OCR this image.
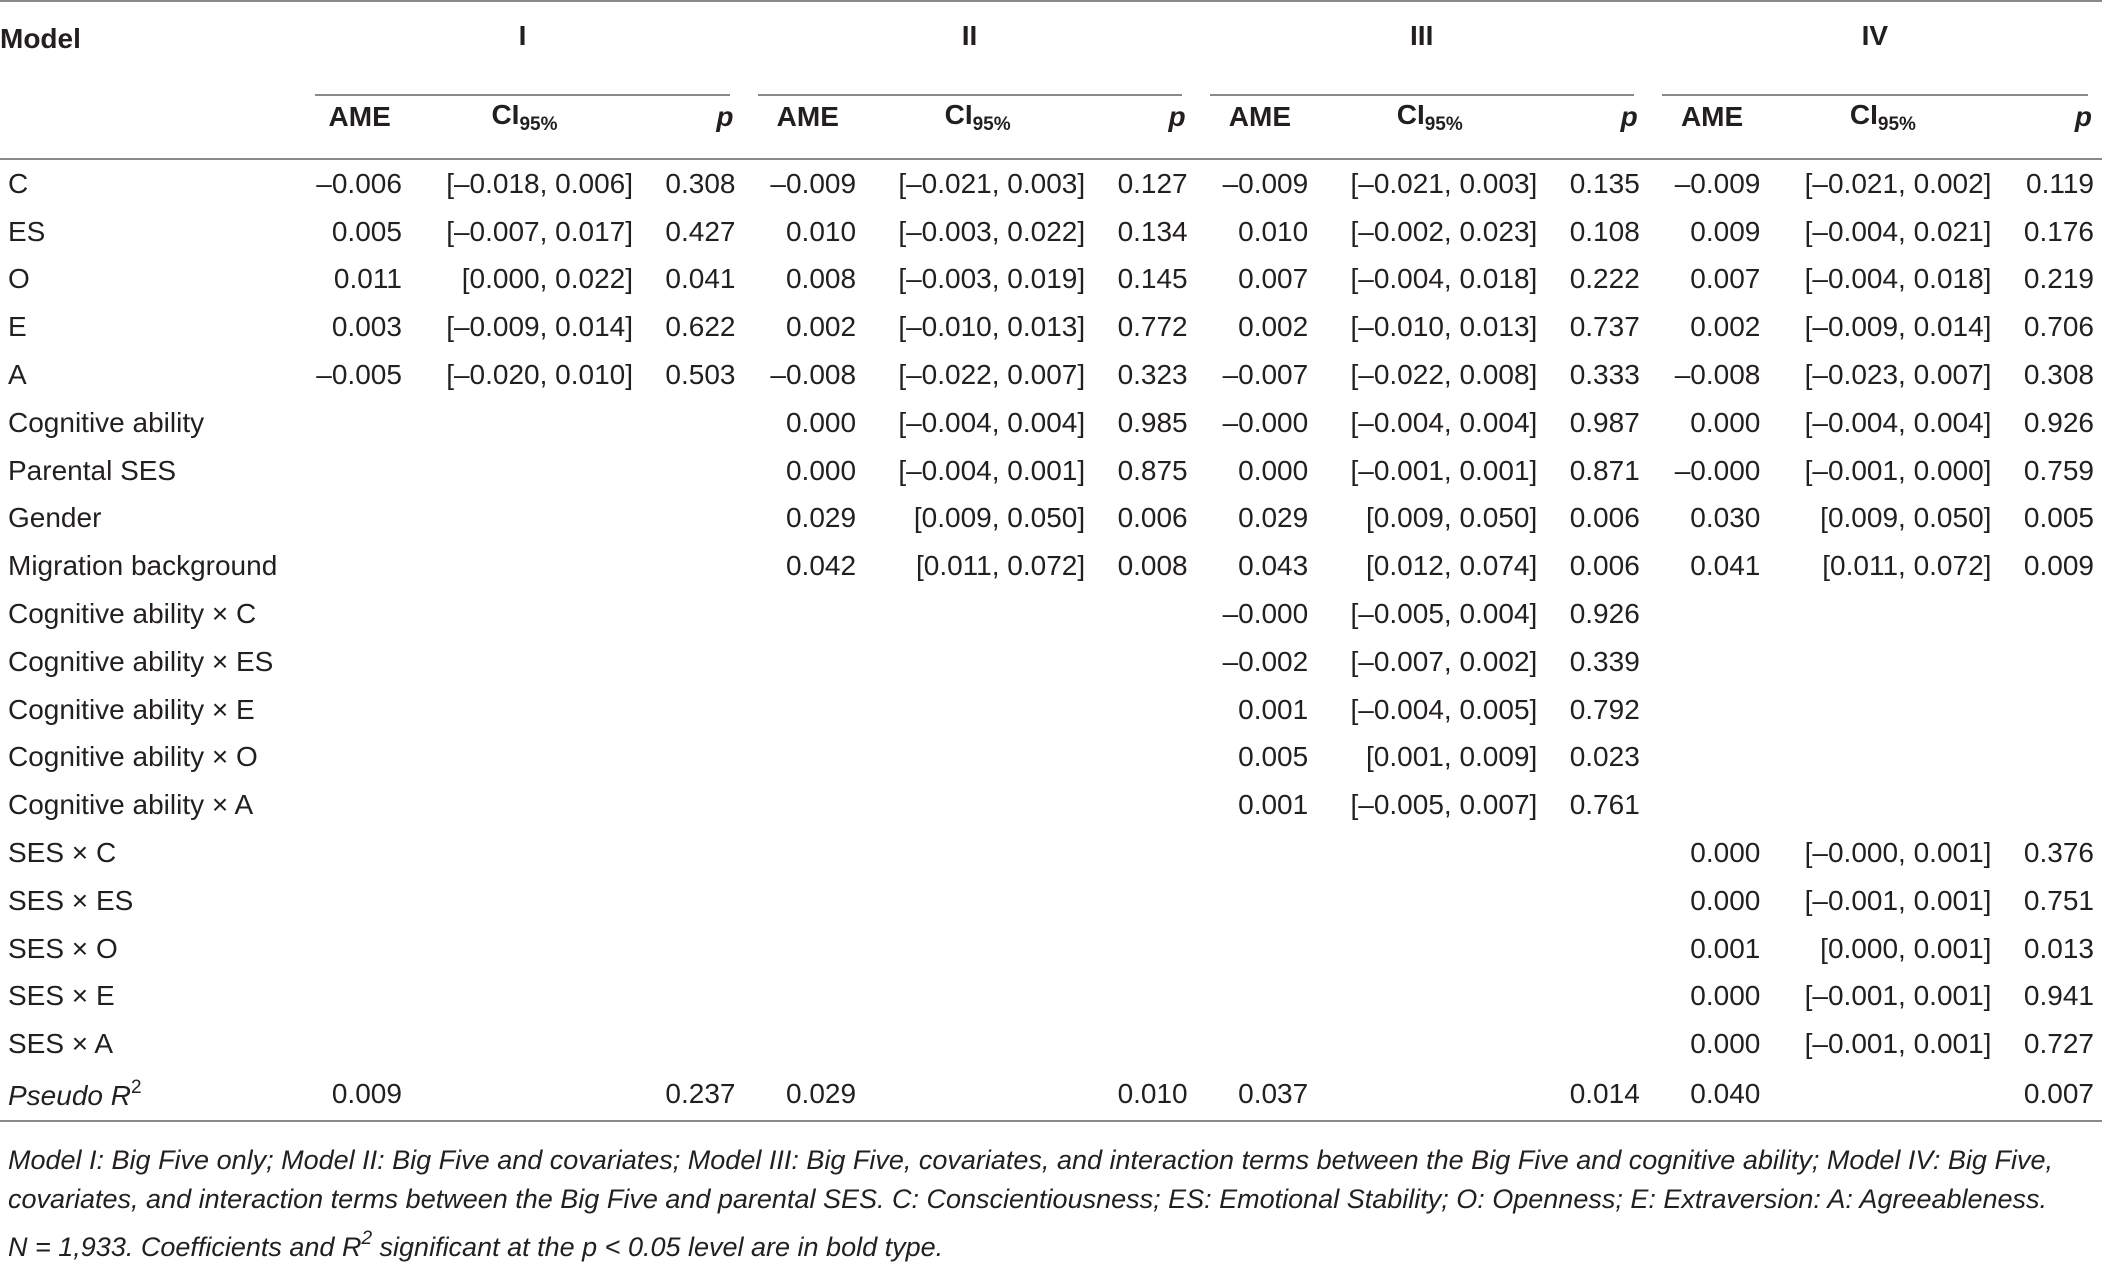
Model	I			II			III			IV		

	AME	$CI_{95\%}$	p	AME	$CI_{95\%}$	p	AME	$CI_{95\%}$	p	AME	$CI_{95\%}$	p
C	–0.006	[–0.018, 0.006]	0.308	–0.009	[–0.021, 0.003]	0.127	–0.009	[–0.021, 0.003]	0.135	–0.009	[–0.021, 0.002]	0.119
ES	0.005	[–0.007, 0.017]	0.427	0.010	[–0.003, 0.022]	0.134	0.010	[–0.002, 0.023]	0.108	0.009	[–0.004, 0.021]	0.176
O	0.011	[0.000, 0.022]	0.041	0.008	[–0.003, 0.019]	0.145	0.007	[–0.004, 0.018]	0.222	0.007	[–0.004, 0.018]	0.219
E	0.003	[–0.009, 0.014]	0.622	0.002	[–0.010, 0.013]	0.772	0.002	[–0.010, 0.013]	0.737	0.002	[–0.009, 0.014]	0.706
A	–0.005	[–0.020, 0.010]	0.503	–0.008	[–0.022, 0.007]	0.323	–0.007	[–0.022, 0.008]	0.333	–0.008	[–0.023, 0.007]	0.308
Cognitive ability				0.000	[–0.004, 0.004]	0.985	–0.000	[–0.004, 0.004]	0.987	0.000	[–0.004, 0.004]	0.926
Parental SES				0.000	[–0.004, 0.001]	0.875	0.000	[–0.001, 0.001]	0.871	–0.000	[–0.001, 0.000]	0.759
Gender				0.029	[0.009, 0.050]	0.006	0.029	[0.009, 0.050]	0.006	0.030	[0.009, 0.050]	0.005
Migration background				0.042	[0.011, 0.072]	0.008	0.043	[0.012, 0.074]	0.006	0.041	[0.011, 0.072]	0.009
Cognitive ability × C							–0.000	[–0.005, 0.004]	0.926			
Cognitive ability × ES							–0.002	[–0.007, 0.002]	0.339			
Cognitive ability × E							0.001	[–0.004, 0.005]	0.792			
Cognitive ability × O							0.005	[0.001, 0.009]	0.023			
Cognitive ability × A							0.001	[–0.005, 0.007]	0.761			
SES × C										0.000	[–0.000, 0.001]	0.376
SES × ES										0.000	[–0.001, 0.001]	0.751
SES × O										0.001	[0.000, 0.001]	0.013
SES × E										0.000	[–0.001, 0.001]	0.941
SES × A										0.000	[–0.001, 0.001]	0.727
Pseudo $R^2$	0.009		0.237	0.029		0.010	0.037		0.014	0.040		0.007
Model I: Big Five only; Model II: Big Five and covariates; Model III: Big Five, covariates, and interaction terms between the Big Five and cognitive ability; Model IV: Big Five,
covariates, and interaction terms between the Big Five and parental SES. C: Conscientiousness; ES: Emotional Stability; O: Openness; E: Extraversion: A: Agreeableness.
N = 1,933. Coefficients and $R^2$ significant at the p < 0.05 level are in bold type.
